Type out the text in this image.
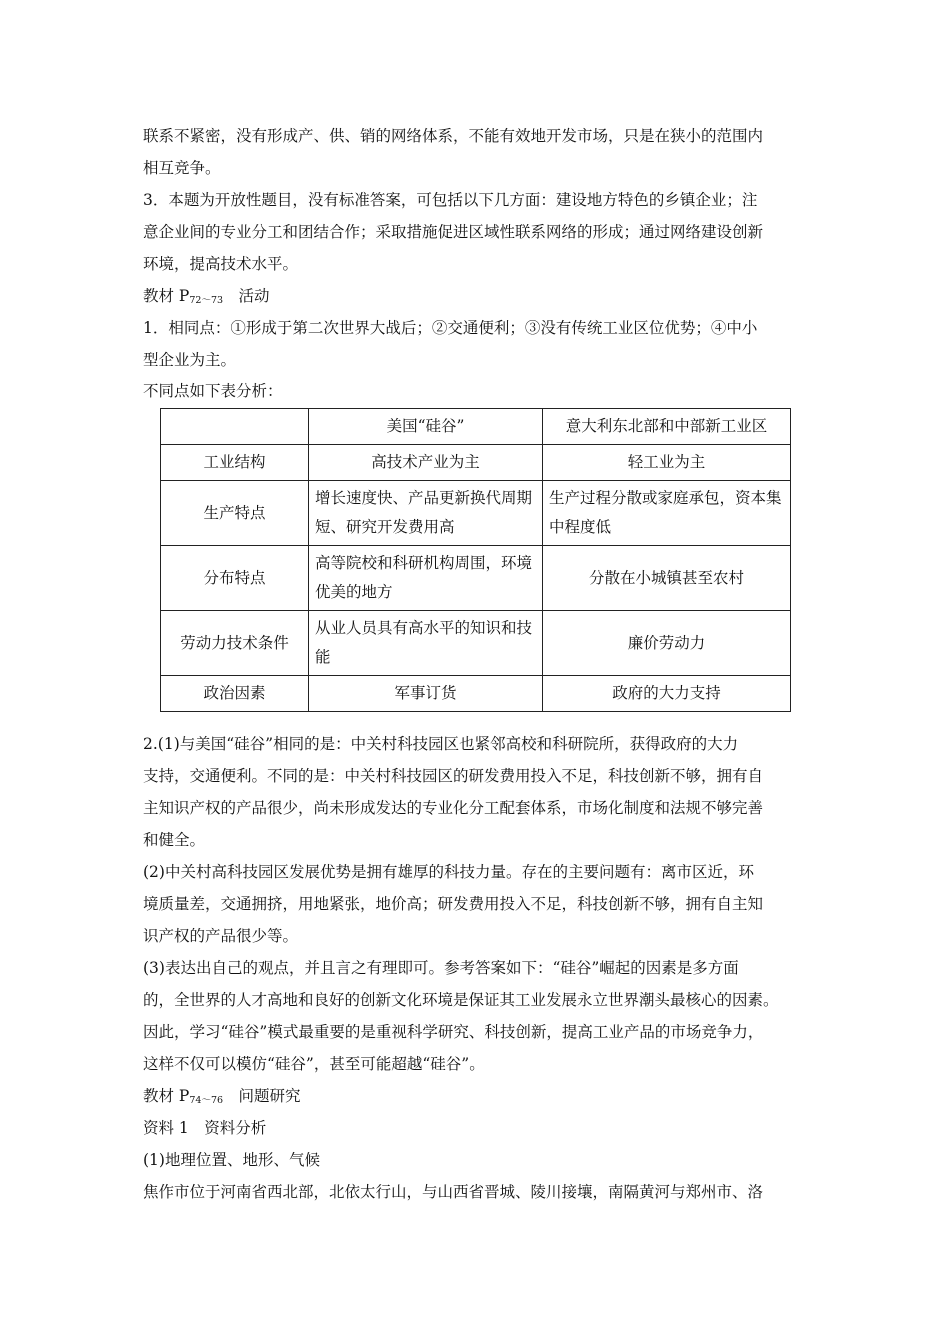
联系不紧密，没有形成产、供、销的网络体系，不能有效地开发市场，只是在狭小的范围内
相互竞争。
3．本题为开放性题目，没有标准答案，可包括以下几方面：建设地方特色的乡镇企业；注
意企业间的专业分工和团结合作；采取措施促进区域性联系网络的形成；通过网络建设创新
环境，提高技术水平。
教材 $P_{72\sim 73}$　活动
1．相同点：①形成于第二次世界大战后；②交通便利；③没有传统工业区位优势；④中小
型企业为主。
不同点如下表分析：
	美国“硅谷”	意大利东北部和中部新工业区
工业结构	高技术产业为主	轻工业为主
生产特点	增长速度快、产品更新换代周期短、研究开发费用高	生产过程分散或家庭承包，资本集中程度低
分布特点	高等院校和科研机构周围，环境优美的地方	分散在小城镇甚至农村
劳动力技术条件	从业人员具有高水平的知识和技能	廉价劳动力
政治因素	军事订货	政府的大力支持
2.(1)与美国“硅谷”相同的是：中关村科技园区也紧邻高校和科研院所，获得政府的大力
支持，交通便利。不同的是：中关村科技园区的研发费用投入不足，科技创新不够，拥有自
主知识产权的产品很少，尚未形成发达的专业化分工配套体系，市场化制度和法规不够完善
和健全。
(2)中关村高科技园区发展优势是拥有雄厚的科技力量。存在的主要问题有：离市区近，环
境质量差，交通拥挤，用地紧张，地价高；研发费用投入不足，科技创新不够，拥有自主知
识产权的产品很少等。
(3)表达出自己的观点，并且言之有理即可。参考答案如下：“硅谷”崛起的因素是多方面
的，全世界的人才高地和良好的创新文化环境是保证其工业发展永立世界潮头最核心的因素。
因此，学习“硅谷”模式最重要的是重视科学研究、科技创新，提高工业产品的市场竞争力，
这样不仅可以模仿“硅谷”，甚至可能超越“硅谷”。
教材 $P_{74\sim 76}$　问题研究
资料 1　资料分析
(1)地理位置、地形、气候
焦作市位于河南省西北部，北依太行山，与山西省晋城、陵川接壤，南隔黄河与郑州市、洛
